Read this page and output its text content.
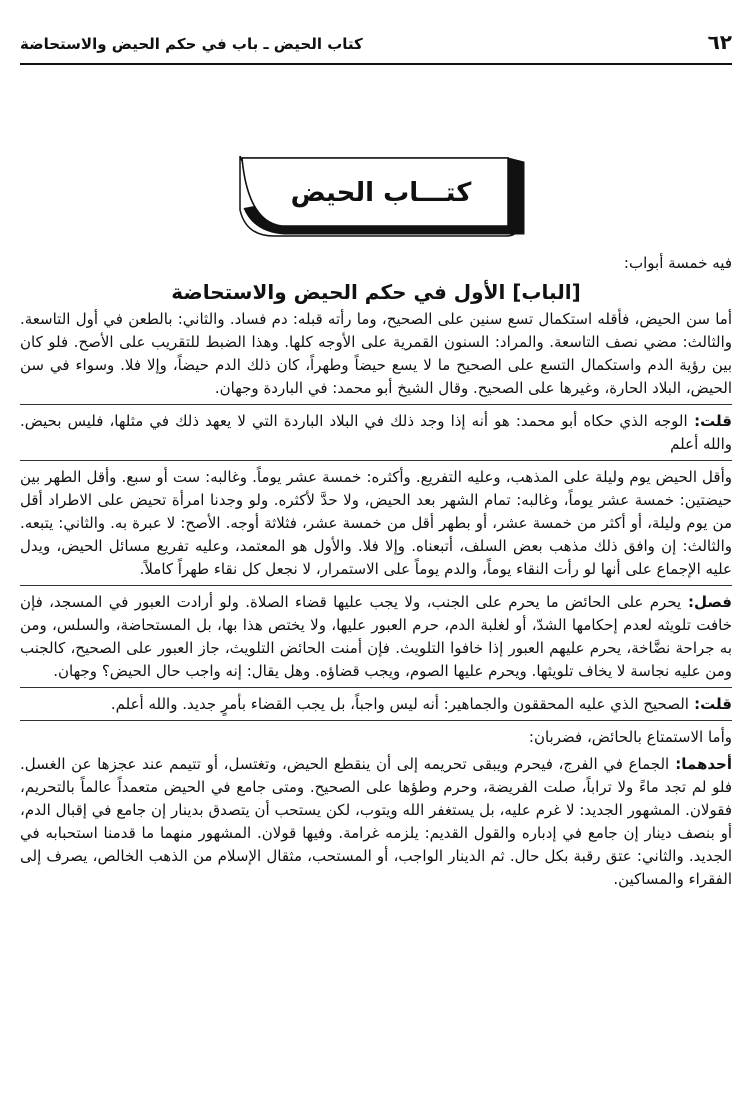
٦٢
كتاب الحيض ـ باب في حكم الحيض والاستحاضة
كتـــاب الحيض

فيه خمسة أبواب:

[الباب] الأول في حكم الحيض والاستحاضة

أما سن الحيض، فأقله استكمال تسع سنين على الصحيح، وما رأته قبله: دم فساد. والثاني: بالطعن في أول التاسعة. والثالث: مضي نصف التاسعة. والمراد: السنون القمرية على الأوجه كلها. وهذا الضبط للتقريب على الأصح. فلو كان بين رؤية الدم واستكمال التسع على الصحيح ما لا يسع حيضاً وطهراً، كان ذلك الدم حيضاً، وإلا فلا. وسواء في سن الحيض، البلاد الحارة، وغيرها على الصحيح. وقال الشيخ أبو محمد: في الباردة وجهان.

قلت: الوجه الذي حكاه أبو محمد: هو أنه إذا وجد ذلك في البلاد الباردة التي لا يعهد ذلك في مثلها، فليس بحيض. والله أعلم

وأقل الحيض يوم وليلة على المذهب، وعليه التفريع. وأكثره: خمسة عشر يوماً. وغالبه: ست أو سبع. وأقل الطهر بين حيضتين: خمسة عشر يوماً، وغالبه: تمام الشهر بعد الحيض، ولا حدَّ لأكثره. ولو وجدنا امرأة تحيض على الاطراد أقل من يوم وليلة، أو أكثر من خمسة عشر، أو بطهر أقل من خمسة عشر، فثلاثة أوجه. الأصح: لا عبرة به. والثاني: يتبعه. والثالث: إن وافق ذلك مذهب بعض السلف، أتبعناه. وإلا فلا. والأول هو المعتمد، وعليه تفريع مسائل الحيض، ويدل عليه الإجماع على أنها لو رأت النقاء يوماً، والدم يوماً على الاستمرار، لا نجعل كل نقاء طهراً كاملاً.

فصل: يحرم على الحائض ما يحرم على الجنب، ولا يجب عليها قضاء الصلاة. ولو أرادت العبور في المسجد، فإن خافت تلويثه لعدم إحكامها الشدّ، أو لغلبة الدم، حرم العبور عليها، ولا يختص هذا بها، بل المستحاضة، والسلس، ومن به جراحة نضَّاخة، يحرم عليهم العبور إذا خافوا التلويث. فإن أمنت الحائض التلويث، جاز العبور على الصحيح، كالجنب ومن عليه نجاسة لا يخاف تلويثها. ويحرم عليها الصوم، ويجب قضاؤه. وهل يقال: إنه واجب حال الحيض؟ وجهان.

قلت: الصحيح الذي عليه المحققون والجماهير: أنه ليس واجباً، بل يجب القضاء بأمرٍ جديد. والله أعلم.

وأما الاستمتاع بالحائض، فضربان:

أحدهما: الجماع في الفرج، فيحرم ويبقى تحريمه إلى أن ينقطع الحيض، وتغتسل، أو تتيمم عند عجزها عن الغسل. فلو لم تجد ماءً ولا تراباً، صلت الفريضة، وحرم وطؤها على الصحيح. ومتى جامع في الحيض متعمداً عالماً بالتحريم، فقولان. المشهور الجديد: لا غرم عليه، بل يستغفر الله ويتوب، لكن يستحب أن يتصدق بدينار إن جامع في إقبال الدم، أو بنصف دينار إن جامع في إدباره والقول القديم: يلزمه غرامة. وفيها قولان. المشهور منهما ما قدمنا استحبابه في الجديد. والثاني: عتق رقبة بكل حال. ثم الدينار الواجب، أو المستحب، مثقال الإسلام من الذهب الخالص، يصرف إلى الفقراء والمساكين.
